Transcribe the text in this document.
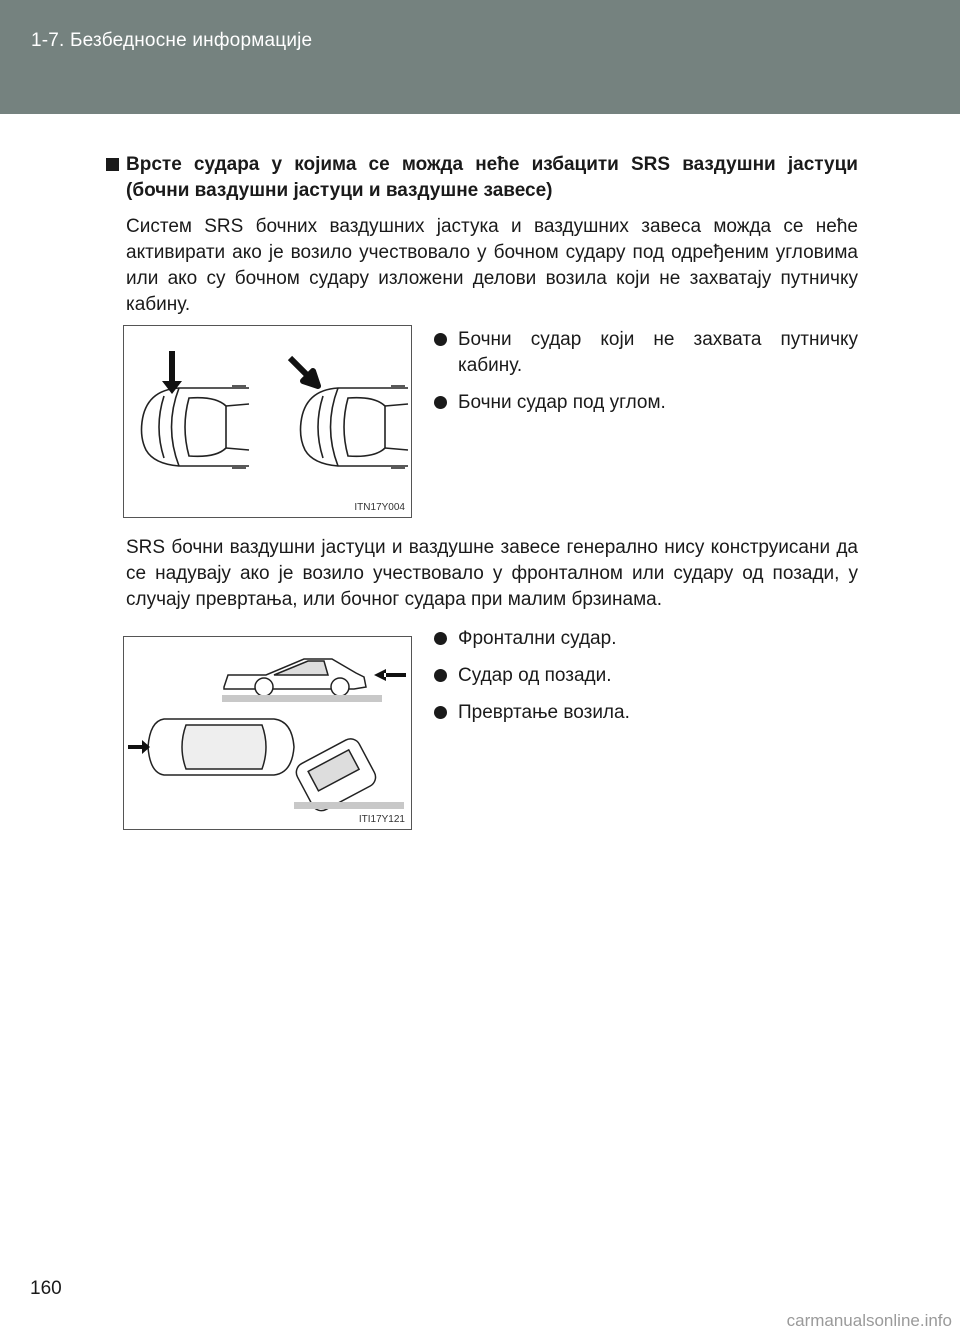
1-7. Безбедносне информације

Врсте судара у којима се можда неће избацити SRS ваздушни јастуци (бочни ваздушни јастуци и ваздушне завесе)

Систем SRS бочних ваздушних јастука и ваздушних завеса можда се неће активирати ако је возило учествовало у бочном судару под одређеним угловима или ако су бочном судару изложени делови возила који не захватају путничку кабину.

ITN17Y004
Бочни судар који не захвата путничку кабину.
Бочни судар под углом.

SRS бочни ваздушни јастуци и ваздушне завесе генерално нису конструисани да се надувају ако је возило учествовало у фронталном или судару од позади, у случају превртања, или бочног судара при малим брзинама.

ITI17Y121
Фронтални судар.
Судар од позади.
Превртање возила.
160
carmanualsonline.info
